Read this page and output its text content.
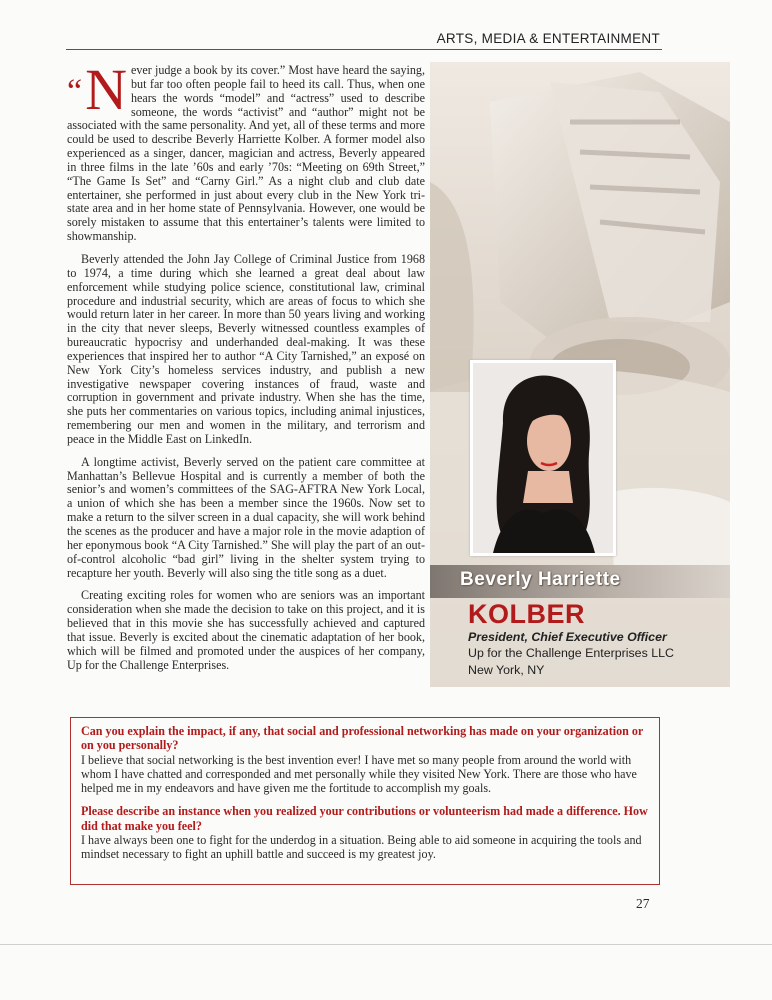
ARTS, MEDIA & ENTERTAINMENT

“N ever judge a book by its cover.” Most have heard the saying, but far too often people fail to heed its call. Thus, when one hears the words “model” and “actress” used to describe someone, the words “activist” and “author” might not be associated with the same personality. And yet, all of these terms and more could be used to describe Beverly Harriette Kolber. A former model also experienced as a singer, dancer, magician and actress, Beverly appeared in three films in the late ’60s and early ’70s: “Meeting on 69th Street,” “The Game Is Set” and “Carny Girl.” As a night club and club date entertainer, she performed in just about every club in the New York tri-state area and in her home state of Pennsylvania. However, one would be sorely mistaken to assume that this entertainer’s talents were limited to showmanship.

Beverly attended the John Jay College of Criminal Justice from 1968 to 1974, a time during which she learned a great deal about law enforcement while studying police science, constitutional law, criminal procedure and industrial security, which are areas of focus to which she would return later in her career. In more than 50 years living and working in the city that never sleeps, Beverly witnessed countless examples of bureaucratic hypocrisy and underhanded deal-making. It was these experiences that inspired her to author “A City Tarnished,” an exposé on New York City’s homeless services industry, and publish a new investigative newspaper covering instances of fraud, waste and corruption in government and private industry. When she has the time, she puts her commentaries on various topics, including animal injustices, remembering our men and women in the military, and terrorism and peace in the Middle East on LinkedIn.

A longtime activist, Beverly served on the patient care committee at Manhattan’s Bellevue Hospital and is currently a member of both the senior’s and women’s committees of the SAG-AFTRA New York Local, a union of which she has been a member since the 1960s. Now set to make a return to the silver screen in a dual capacity, she will work behind the scenes as the producer and have a major role in the movie adaption of her eponymous book “A City Tarnished.” She will play the part of an out-of-control alcoholic “bad girl” living in the shelter system trying to recapture her youth. Beverly will also sing the title song as a duet.

Creating exciting roles for women who are seniors was an important consideration when she made the decision to take on this project, and it is believed that in this movie she has successfully achieved and captured that issue. Beverly is excited about the cinematic adaptation of her book, which will be filmed and promoted under the auspices of her company, Up for the Challenge Enterprises.

Beverly Harriette
KOLBER
President, Chief Executive Officer
Up for the Challenge Enterprises LLC
New York, NY

Can you explain the impact, if any, that social and professional networking has made on your organization or on you personally?

I believe that social networking is the best invention ever! I have met so many people from around the world with whom I have chatted and corresponded and met personally while they visited New York. There are those who have helped me in my endeavors and have given me the fortitude to accomplish my goals.

Please describe an instance when you realized your contributions or volunteerism had made a difference. How did that make you feel?

I have always been one to fight for the underdog in a situation. Being able to aid someone in acquiring the tools and mindset necessary to fight an uphill battle and succeed is my greatest joy.

27
